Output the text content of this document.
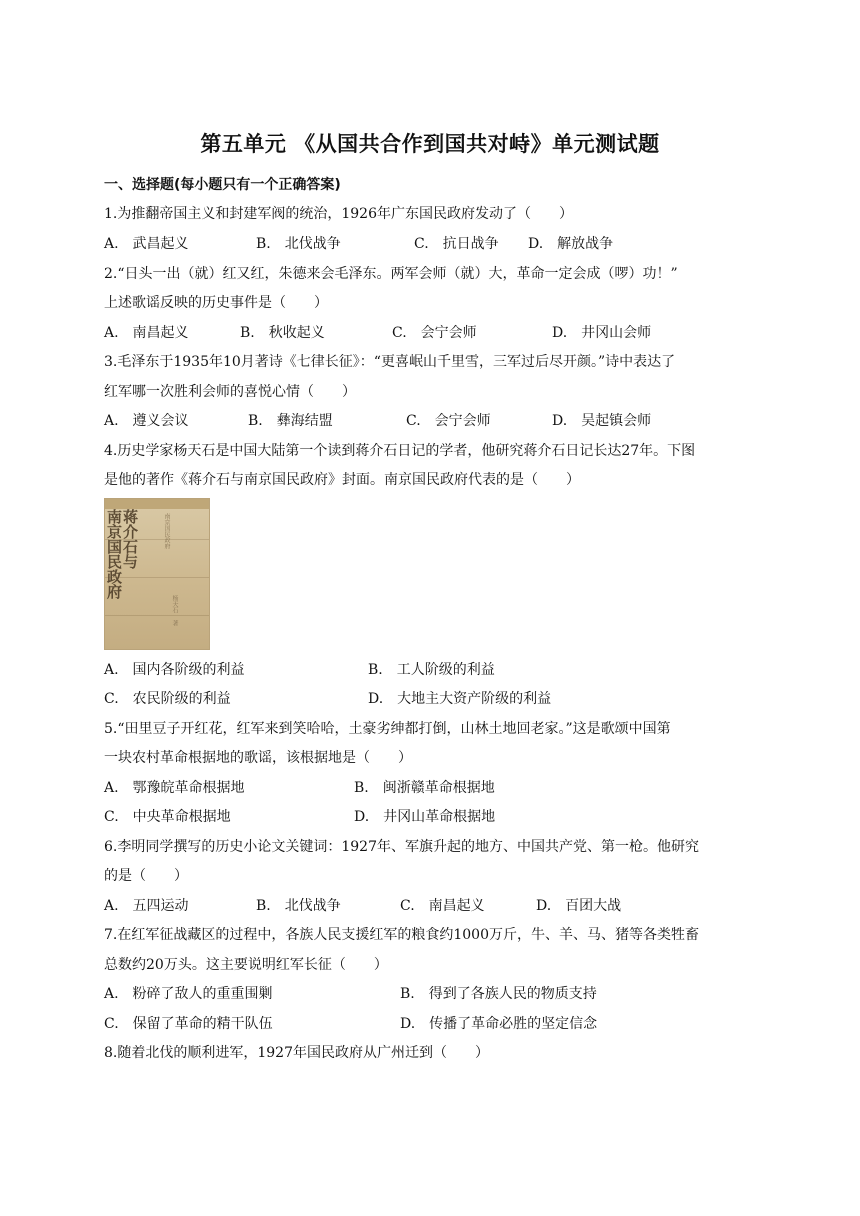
第五单元 《从国共合作到国共对峙》单元测试题
一、选择题(每小题只有一个正确答案)
1.为推翻帝国主义和封建军阀的统治，1926年广东国民政府发动了（　　）
A.　武昌起义	B.　北伐战争	C.　抗日战争 D.　解放战争
2.“日头一出（就）红又红，朱德来会毛泽东。两军会师（就）大，革命一定会成（啰）功！”
上述歌谣反映的历史事件是（　　）
A.　南昌起义	B.　秋收起义	C.　会宁会师	D.　井冈山会师
3.毛泽东于1935年10月著诗《七律长征》：“更喜岷山千里雪，三军过后尽开颜。”诗中表达了
红军哪一次胜利会师的喜悦心情（　　）
A.　遵义会议	B.　彝海结盟	C.　会宁会师	D.　吴起镇会师
4.历史学家杨天石是中国大陆第一个读到蒋介石日记的学者，他研究蒋介石日记长达27年。下图
是他的著作《蒋介石与南京国民政府》封面。南京国民政府代表的是（　　）
蒋介石与
南京国民政府	南京国民政府
杨天石 著
A.　国内各阶级的利益	B.　工人阶级的利益
C.　农民阶级的利益	D.　大地主大资产阶级的利益
5.“田里豆子开红花，红军来到笑哈哈，土豪劣绅都打倒，山林土地回老家。”这是歌颂中国第
一块农村革命根据地的歌谣，该根据地是（　　）
A.　鄂豫皖革命根据地	B.　闽浙赣革命根据地
C.　中央革命根据地	D.　井冈山革命根据地
6.李明同学撰写的历史小论文关键词：1927年、军旗升起的地方、中国共产党、第一枪。他研究
的是（　　）
A.　五四运动	B.　北伐战争	C.　南昌起义	D.　百团大战
7.在红军征战藏区的过程中，各族人民支援红军的粮食约1000万斤，牛、羊、马、猪等各类牲畜
总数约20万头。这主要说明红军长征（　　）
A.　粉碎了敌人的重重围剿	B.　得到了各族人民的物质支持
C.　保留了革命的精干队伍	D.　传播了革命必胜的坚定信念
8.随着北伐的顺利进军，1927年国民政府从广州迁到（　　）
